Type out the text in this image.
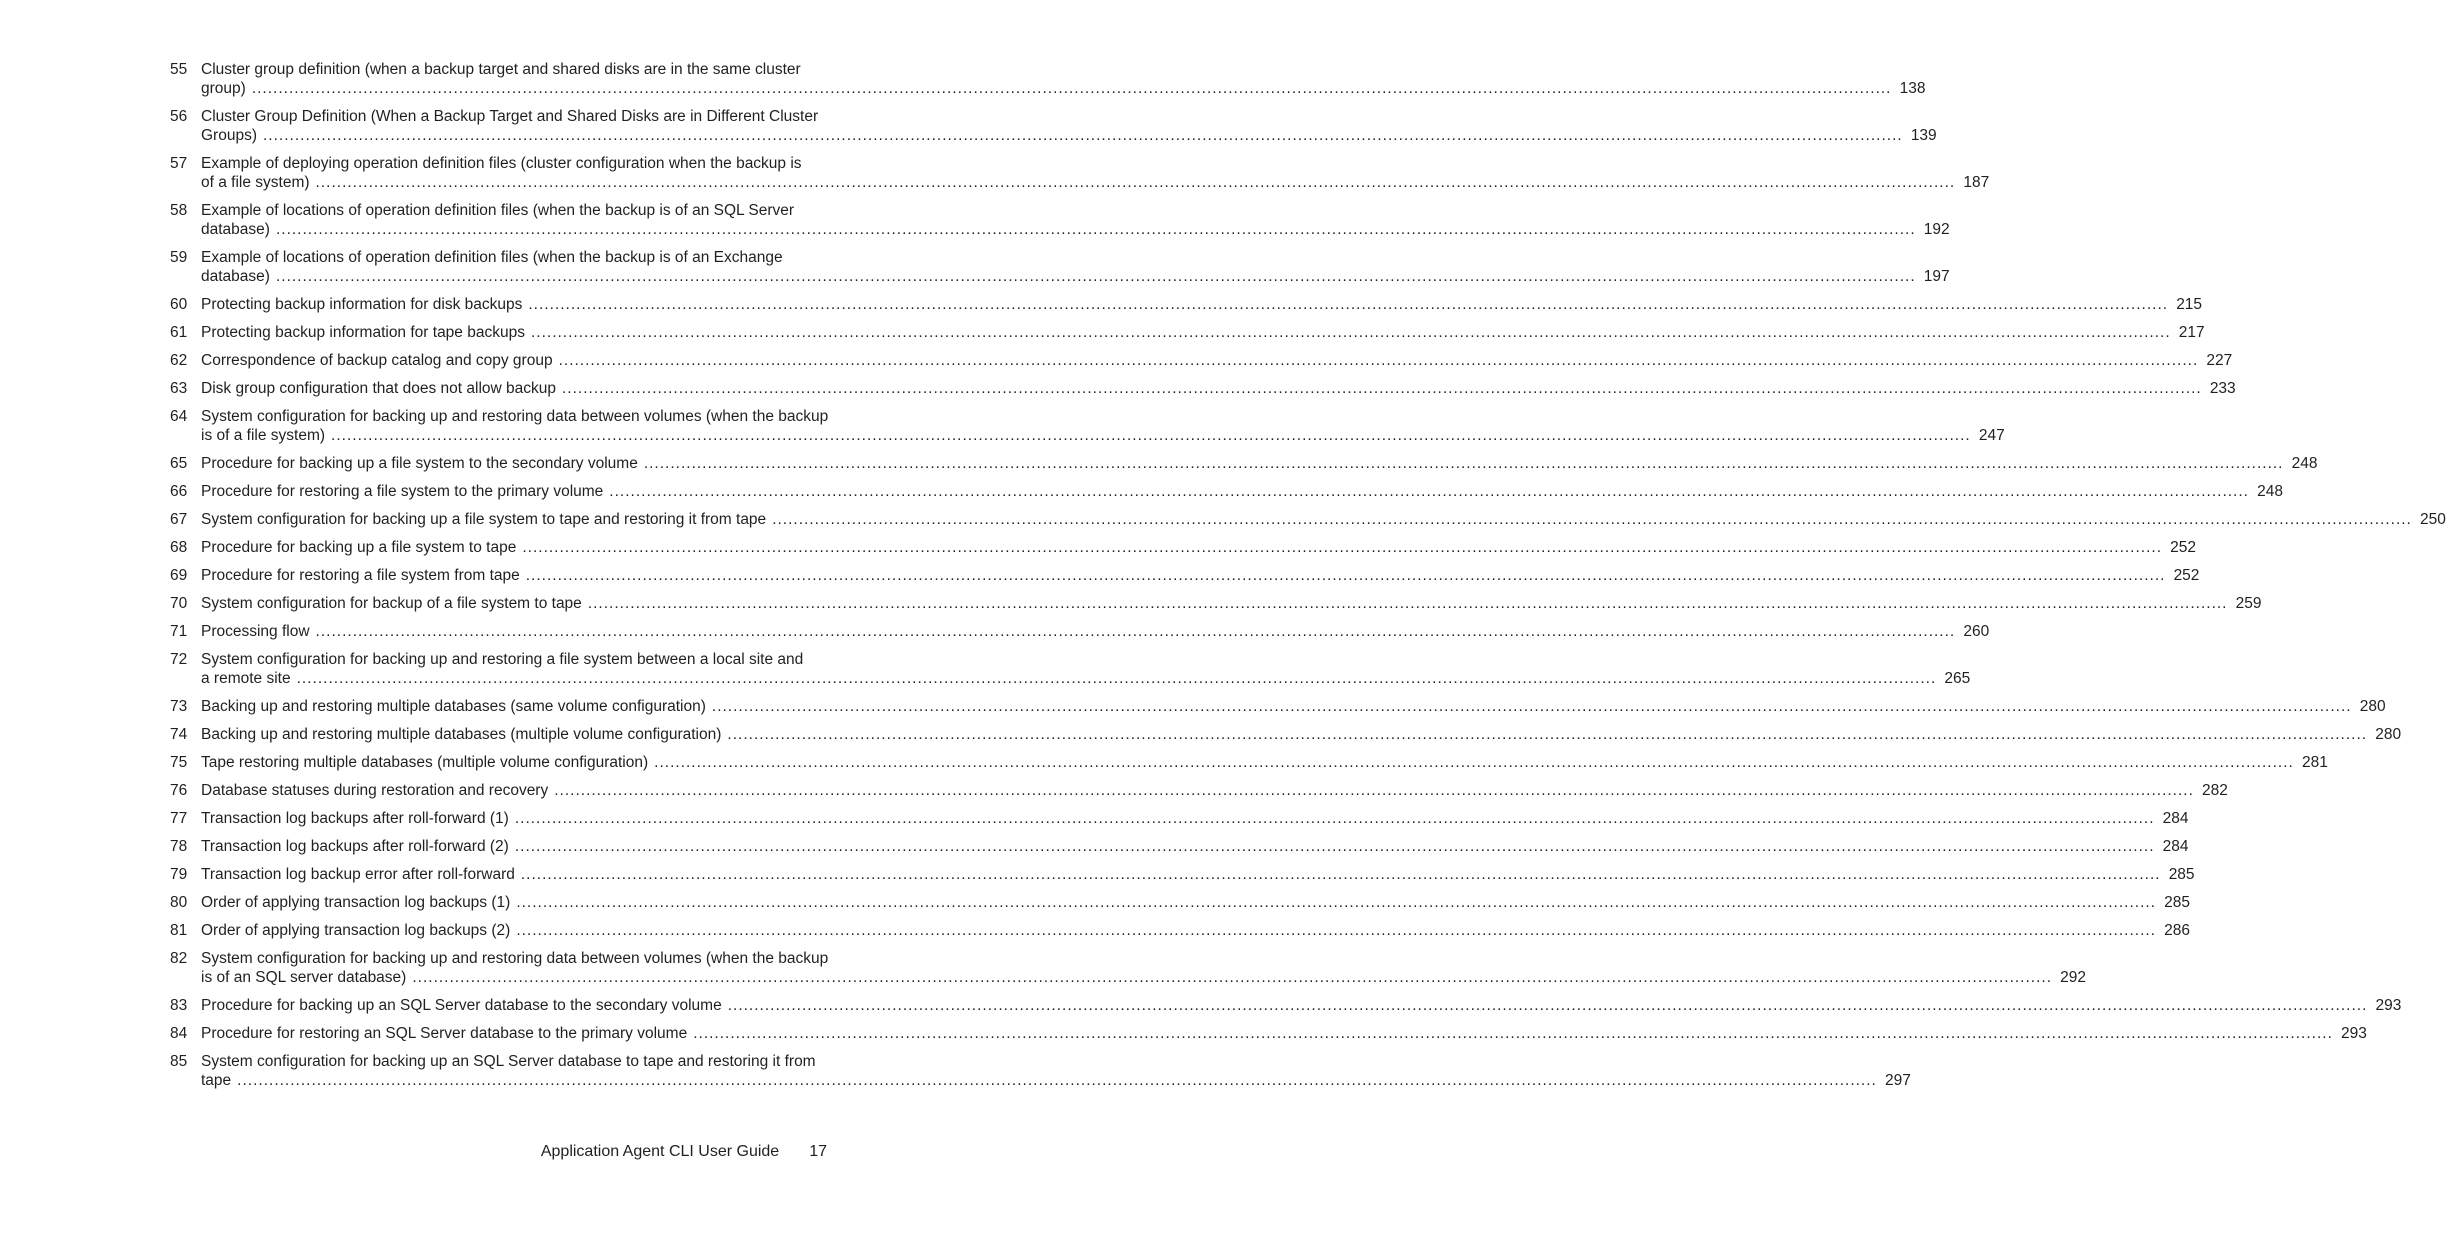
55 Cluster group definition (when a backup target and shared disks are in the same cluster
group) .....	138
56 Cluster Group Definition (When a Backup Target and Shared Disks are in Different Cluster
Groups) .....	139
57 Example of deploying operation definition files (cluster configuration when the backup is
of a file system) .....	187
58 Example of locations of operation definition files (when the backup is of an SQL Server
database) .....	192
59 Example of locations of operation definition files (when the backup is of an Exchange
database) .....	197
60 Protecting backup information for disk backups .....	215
61 Protecting backup information for tape backups .....	217
62 Correspondence of backup catalog and copy group .....	227
63 Disk group configuration that does not allow backup .....	233
64 System configuration for backing up and restoring data between volumes (when the backup
is of a file system) .....	247
65 Procedure for backing up a file system to the secondary volume .....	248
66 Procedure for restoring a file system to the primary volume .....	248
67 System configuration for backing up a file system to tape and restoring it from tape .....	250
68 Procedure for backing up a file system to tape .....	252
69 Procedure for restoring a file system from tape .....	252
70 System configuration for backup of a file system to tape .....	259
71 Processing flow .....	260
72 System configuration for backing up and restoring a file system between a local site and
a remote site .....	265
73 Backing up and restoring multiple databases (same volume configuration) .....	280
74 Backing up and restoring multiple databases (multiple volume configuration) .....	280
75 Tape restoring multiple databases (multiple volume configuration) .....	281
76 Database statuses during restoration and recovery .....	282
77 Transaction log backups after roll-forward (1) .....	284
78 Transaction log backups after roll-forward (2) .....	284
79 Transaction log backup error after roll-forward .....	285
80 Order of applying transaction log backups (1) .....	285
81 Order of applying transaction log backups (2) .....	286
82 System configuration for backing up and restoring data between volumes (when the backup
is of an SQL server database) .....	292
83 Procedure for backing up an SQL Server database to the secondary volume .....	293
84 Procedure for restoring an SQL Server database to the primary volume .....	293
85 System configuration for backing up an SQL Server database to tape and restoring it from
tape .....	297
Application Agent CLI User Guide 17
